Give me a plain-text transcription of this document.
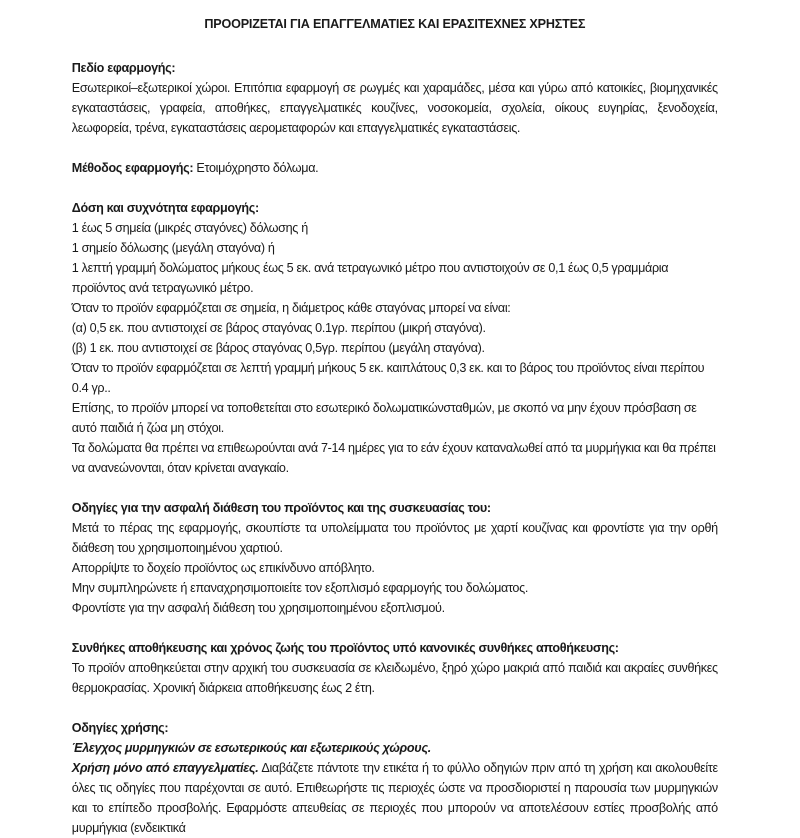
ΠΡΟΟΡΙΖΕΤΑΙ ΓΙΑ ΕΠΑΓΓΕΛΜΑΤΙΕΣ ΚΑΙ ΕΡΑΣΙΤΕΧΝΕΣ ΧΡΗΣΤΕΣ

Πεδίο εφαρμογής:

Εσωτερικοί–εξωτερικοί χώροι. Επιτόπια εφαρμογή σε ρωγμές και χαραμάδες, μέσα και γύρω από κατοικίες, βιομηχανικές εγκαταστάσεις, γραφεία, αποθήκες, επαγγελματικές κουζίνες, νοσοκομεία, σχολεία, οίκους ευγηρίας, ξενοδοχεία, λεωφορεία, τρένα, εγκαταστάσεις αερομεταφορών και επαγγελματικές εγκαταστάσεις.

Μέθοδος εφαρμογής: Ετοιμόχρηστο δόλωμα.

Δόση και συχνότητα εφαρμογής:

1 έως 5 σημεία (μικρές σταγόνες) δόλωσης ή

1 σημείο δόλωσης (μεγάλη σταγόνα) ή

1 λεπτή γραμμή δολώματος μήκους έως 5 εκ. ανά τετραγωνικό μέτρο που αντιστοιχούν σε 0,1 έως 0,5 γραμμάρια προϊόντος ανά τετραγωνικό μέτρο.

Όταν το προϊόν εφαρμόζεται σε σημεία, η διάμετρος κάθε σταγόνας μπορεί να είναι:

(α) 0,5 εκ. που αντιστοιχεί σε βάρος σταγόνας 0.1γρ. περίπου (μικρή σταγόνα).

(β) 1 εκ. που αντιστοιχεί σε βάρος σταγόνας 0,5γρ. περίπου (μεγάλη σταγόνα).

Όταν το προϊόν εφαρμόζεται σε λεπτή γραμμή μήκους 5 εκ. καιπλάτους 0,3 εκ. και το βάρος του προϊόντος είναι περίπου 0.4 γρ..

Επίσης, το προϊόν μπορεί να τοποθετείται στο εσωτερικό δολωματικώνσταθμών, με σκοπό να μην έχουν πρόσβαση σε αυτό παιδιά ή ζώα μη στόχοι.

Τα δολώματα θα πρέπει να επιθεωρούνται ανά 7-14 ημέρες για το εάν έχουν καταναλωθεί από τα μυρμήγκια και θα πρέπει να ανανεώνονται, όταν κρίνεται αναγκαίο.

Οδηγίες για την ασφαλή διάθεση του προϊόντος και της συσκευασίας του:

Μετά το πέρας της εφαρμογής, σκουπίστε τα υπολείμματα του προϊόντος με χαρτί κουζίνας και φροντίστε για την ορθή διάθεση του χρησιμοποιημένου χαρτιού.

Απορρίψτε το δοχείο προϊόντος ως επικίνδυνο απόβλητο.

Μην συμπληρώνετε ή επαναχρησιμοποιείτε τον εξοπλισμό εφαρμογής του δολώματος.

Φροντίστε για την ασφαλή διάθεση του χρησιμοποιημένου εξοπλισμού.

Συνθήκες αποθήκευσης και χρόνος ζωής του προϊόντος υπό κανονικές συνθήκες αποθήκευσης:

Το προϊόν αποθηκεύεται στην αρχική του συσκευασία σε κλειδωμένο, ξηρό χώρο μακριά από παιδιά και ακραίες συνθήκες θερμοκρασίας. Χρονική διάρκεια αποθήκευσης έως 2 έτη.

Οδηγίες χρήσης:

Έλεγχος μυρμηγκιών σε εσωτερικούς και εξωτερικούς χώρους.

Χρήση μόνο από επαγγελματίες. Διαβάζετε πάντοτε την ετικέτα ή το φύλλο οδηγιών πριν από τη χρήση και ακολουθείτε όλες τις οδηγίες που παρέχονται σε αυτό. Επιθεωρήστε τις περιοχές ώστε να προσδιοριστεί η παρουσία των μυρμηγκιών και το επίπεδο προσβολής. Εφαρμόστε απευθείας σε περιοχές που μπορούν να αποτελέσουν εστίες προσβολής από μυρμήγκια (ενδεικτικά
